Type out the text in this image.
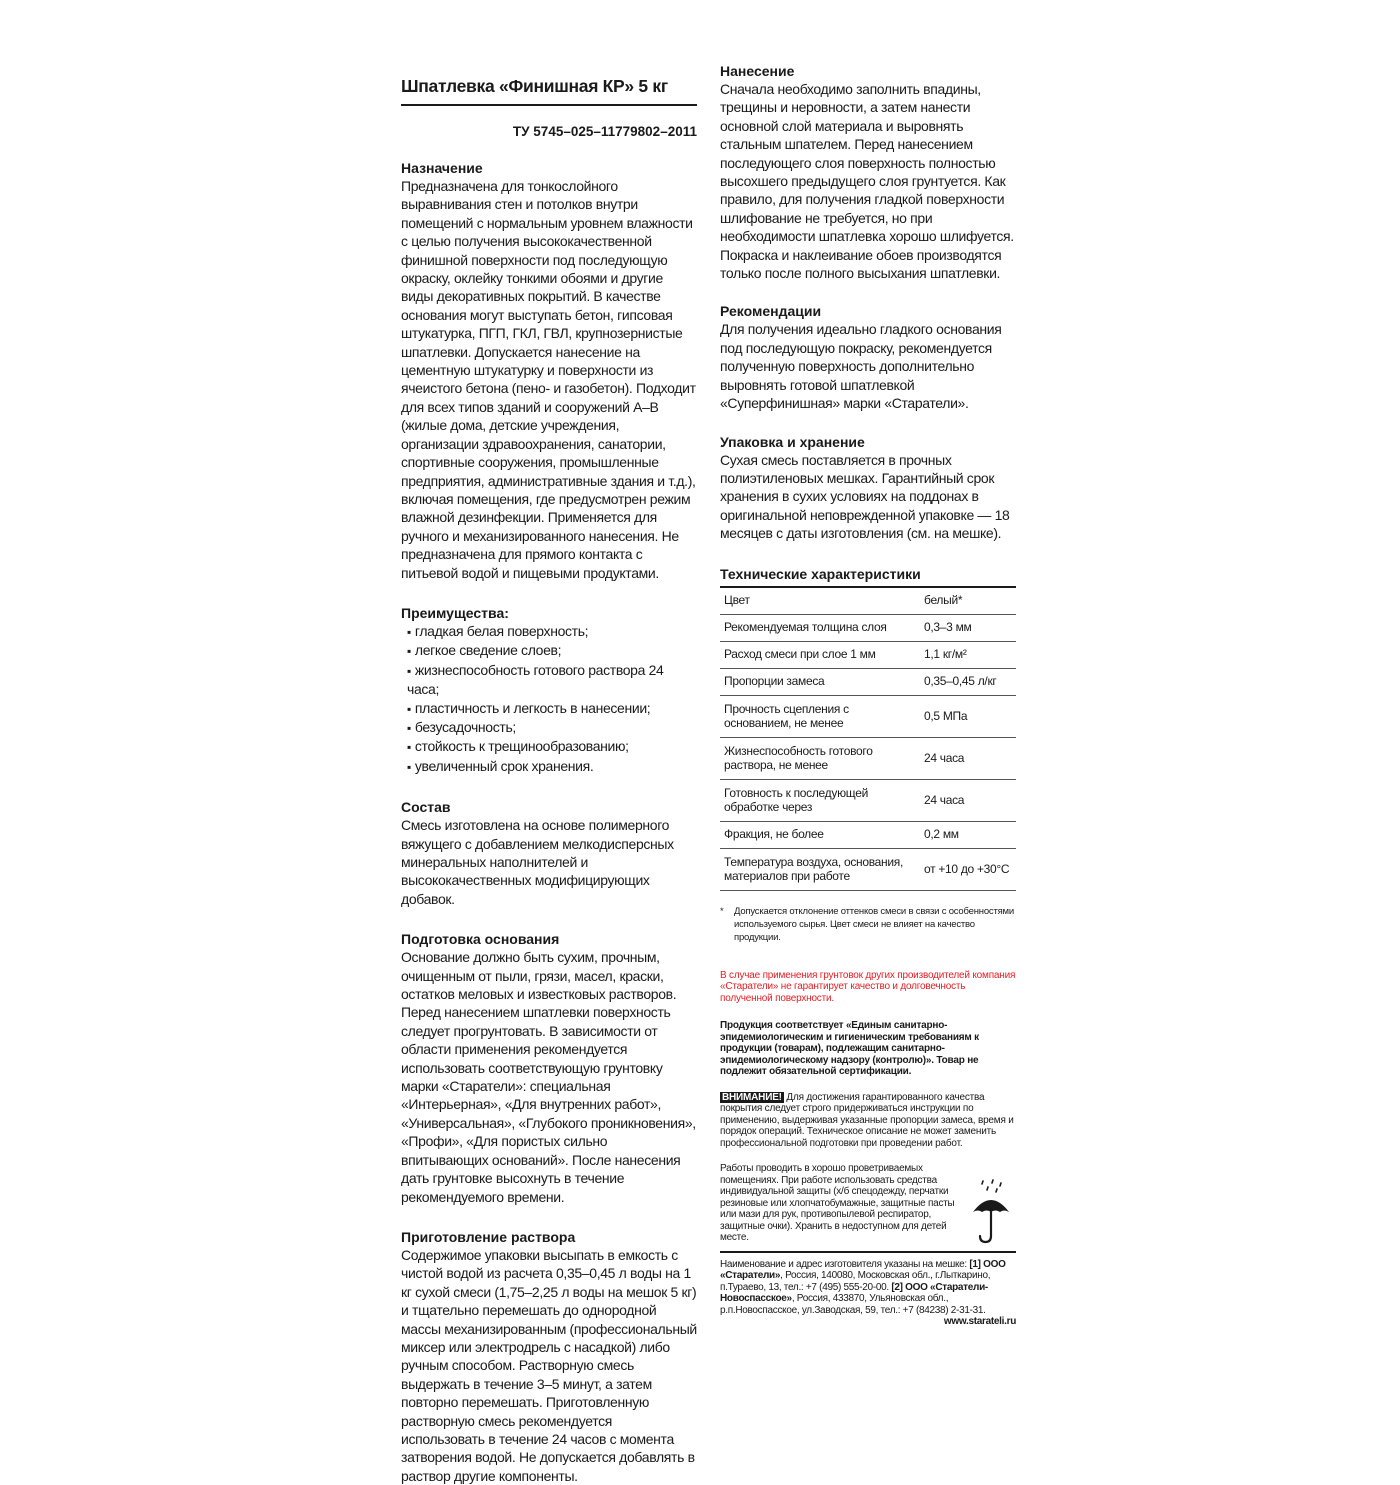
Шпатлевка «Финишная КР» 5 кг
ТУ 5745–025–11779802–2011
Назначение
Предназначена для тонкослойного выравнивания стен и потолков внутри помещений с нормальным уровнем влажности с целью получения высококачественной финишной поверхности под последующую окраску, оклейку тонкими обоями и другие виды декоративных покрытий. В качестве основания могут выступать бетон, гипсовая штукатурка, ПГП, ГКЛ, ГВЛ, крупнозернистые шпатлевки. Допускается нанесение на цементную штукатурку и поверхности из ячеистого бетона (пено- и газобетон). Подходит для всех типов зданий и сооружений А–В (жилые дома, детские учреждения, организации здравоохранения, санатории, спортивные сооружения, промышленные предприятия, административные здания и т.д.), включая помещения, где предусмотрен режим влажной дезинфекции. Применяется для ручного и механизированного нанесения. Не предназначена для прямого контакта с питьевой водой и пищевыми продуктами.
Преимущества:
▪ гладкая белая поверхность;
▪ легкое сведение слоев;
▪ жизнеспособность готового раствора 24 часа;
▪ пластичность и легкость в нанесении;
▪ безусадочность;
▪ стойкость к трещинообразованию;
▪ увеличенный срок хранения.
Состав
Смесь изготовлена на основе полимерного вяжущего с добавлением мелкодисперсных минеральных наполнителей и высококачественных модифицирующих добавок.
Подготовка основания
Основание должно быть сухим, прочным, очищенным от пыли, грязи, масел, краски, остатков меловых и известковых растворов. Перед нанесением шпатлевки поверхность следует прогрунтовать. В зависимости от области применения рекомендуется использовать соответствующую грунтовку марки «Старатели»: специальная «Интерьерная», «Для внутренних работ», «Универсальная», «Глубокого проникновения», «Профи», «Для пористых сильно впитывающих оснований». После нанесения дать грунтовке высохнуть в течение рекомендуемого времени.
Приготовление раствора
Содержимое упаковки высыпать в емкость с чистой водой из расчета 0,35–0,45 л воды на 1 кг сухой смеси (1,75–2,25 л воды на мешок 5 кг) и тщательно перемешать до однородной массы механизированным (профессиональный миксер или электродрель с насадкой) либо ручным способом. Растворную смесь выдержать в течение 3–5 минут, а затем повторно перемешать. Приготовленную растворную смесь рекомендуется использовать в течение 24 часов с момента затворения водой. Не допускается добавлять в раствор другие компоненты.
Нанесение
Сначала необходимо заполнить впадины, трещины и неровности, а затем нанести основной слой материала и выровнять стальным шпателем. Перед нанесением последующего слоя поверхность полностью высохшего предыдущего слоя грунтуется. Как правило, для получения гладкой поверхности шлифование не требуется, но при необходимости шпатлевка хорошо шлифуется. Покраска и наклеивание обоев производятся только после полного высыхания шпатлевки.
Рекомендации
Для получения идеально гладкого основания под последующую покраску, рекомендуется полученную поверхность дополнительно выровнять готовой шпатлевкой «Суперфинишная» марки «Старатели».
Упаковка и хранение
Сухая смесь поставляется в прочных полиэтиленовых мешках. Гарантийный срок хранения в сухих условиях на поддонах в оригинальной неповрежденной упаковке — 18 месяцев с даты изготовления (см. на мешке).
Технические характеристики
Цвет	белый*
Рекомендуемая толщина слоя	0,3–3 мм
Расход смеси при слое 1 мм	1,1 кг/м²
Пропорции замеса	0,35–0,45 л/кг
Прочность сцепления с основанием, не менее	0,5 МПа
Жизнеспособность готового раствора, не менее	24 часа
Готовность к последующей обработке через	24 часа
Фракция, не более	0,2 мм
Температура воздуха, основания, материалов при работе	от +10 до +30°С
*	Допускается отклонение оттенков смеси в связи с особенностями используемого сырья. Цвет смеси не влияет на качество продукции.
В случае применения грунтовок других производителей компания «Старатели» не гарантирует качество и долговечность полученной поверхности.
Продукция соответствует «Единым санитарно-эпидемиологическим и гигиеническим требованиям к продукции (товарам), подлежащим санитарно-эпидемиологическому надзору (контролю)». Товар не подлежит обязательной сертификации.
ВНИМАНИЕ! Для достижения гарантированного качества покрытия следует строго придерживаться инструкции по применению, выдерживая указанные пропорции замеса, время и порядок операций. Техническое описание не может заменить профессиональной подготовки при проведении работ.
Работы проводить в хорошо проветриваемых помещениях. При работе использовать средства индивидуальной защиты (х/б спецодежду, перчатки резиновые или хлопчатобумажные, защитные пасты или мази для рук, противопылевой респиратор, защитные очки). Хранить в недоступном для детей месте.
Наименование и адрес изготовителя указаны на мешке: [1] ООО «Старатели», Россия, 140080, Московская обл., г.Лыткарино, п.Тураево, 13, тел.: +7 (495) 555-20-00. [2] ООО «Старатели-Новоспасское», Россия, 433870, Ульяновская обл., р.п.Новоспасское, ул.Заводская, 59, тел.: +7 (84238) 2-31-31.
www.starateli.ru
